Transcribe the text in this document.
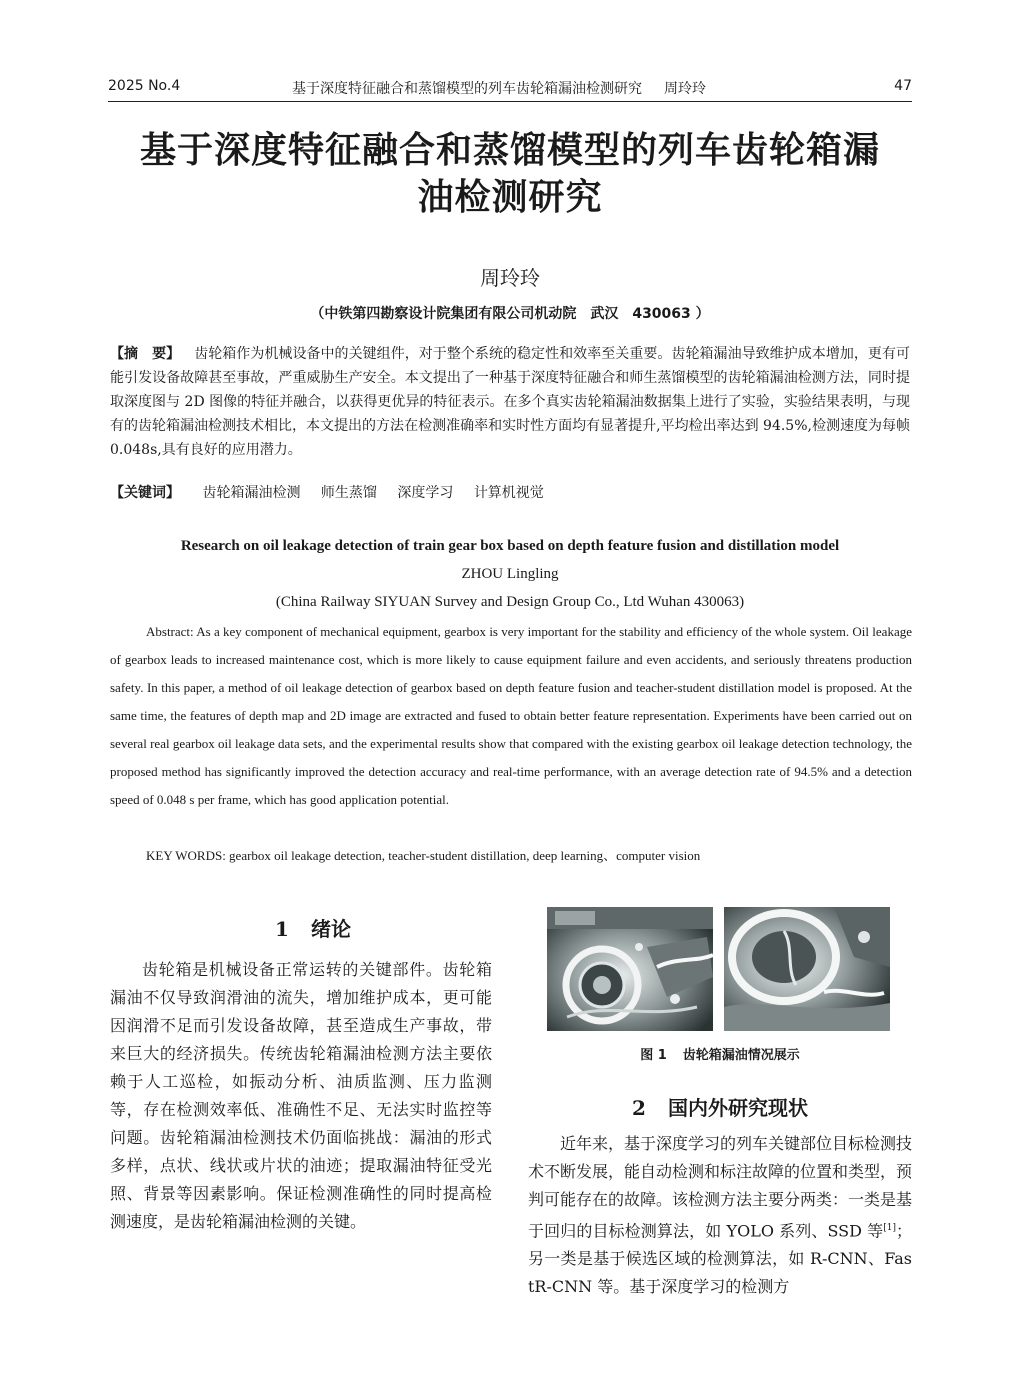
2025 No.4	基于深度特征融合和蒸馏模型的列车齿轮箱漏油检测研究 周玲玲	47
基于深度特征融合和蒸馏模型的列车齿轮箱漏
油检测研究
周玲玲
（中铁第四勘察设计院集团有限公司机动院　武汉　430063 ）
【摘　要】 齿轮箱作为机械设备中的关键组件，对于整个系统的稳定性和效率至关重要。齿轮箱漏油导致维护成本增加，更有可能引发设备故障甚至事故，严重威胁生产安全。本文提出了一种基于深度特征融合和师生蒸馏模型的齿轮箱漏油检测方法，同时提取深度图与 2D 图像的特征并融合，以获得更优异的特征表示。在多个真实齿轮箱漏油数据集上进行了实验，实验结果表明，与现有的齿轮箱漏油检测技术相比，本文提出的方法在检测准确率和实时性方面均有显著提升,平均检出率达到 94.5%,检测速度为每帧 0.048s,具有良好的应用潜力。
【关键词】 齿轮箱漏油检测 师生蒸馏 深度学习 计算机视觉
Research on oil leakage detection of train gear box based on depth feature fusion and distillation model
ZHOU Lingling
(China Railway SIYUAN Survey and Design Group Co., Ltd Wuhan 430063)
Abstract: As a key component of mechanical equipment, gearbox is very important for the stability and efficiency of the whole system. Oil leakage of gearbox leads to increased maintenance cost, which is more likely to cause equipment failure and even accidents, and seriously threatens production safety. In this paper, a method of oil leakage detection of gearbox based on depth feature fusion and teacher-student distillation model is proposed. At the same time, the features of depth map and 2D image are extracted and fused to obtain better feature representation. Experiments have been carried out on several real gearbox oil leakage data sets, and the experimental results show that compared with the existing gearbox oil leakage detection technology, the proposed method has significantly improved the detection accuracy and real-time performance, with an average detection rate of 94.5% and a detection speed of 0.048 s per frame, which has good application potential.
KEY WORDS: gearbox oil leakage detection, teacher-student distillation, deep learning、computer vision
1 绪论
齿轮箱是机械设备正常运转的关键部件。齿轮箱漏油不仅导致润滑油的流失，增加维护成本，更可能因润滑不足而引发设备故障，甚至造成生产事故，带来巨大的经济损失。传统齿轮箱漏油检测方法主要依赖于人工巡检，如振动分析、油质监测、压力监测等，存在检测效率低、准确性不足、无法实时监控等问题。齿轮箱漏油检测技术仍面临挑战：漏油的形式多样，点状、线状或片状的油迹；提取漏油特征受光照、背景等因素影响。保证检测准确性的同时提高检测速度，是齿轮箱漏油检测的关键。
图 1 齿轮箱漏油情况展示
2 国内外研究现状
近年来，基于深度学习的列车关键部位目标检测技术不断发展，能自动检测和标注故障的位置和类型，预判可能存在的故障。该检测方法主要分两类：一类是基于回归的目标检测算法，如 YOLO 系列、SSD 等[1]；另一类是基于候选区域的检测算法，如 R-CNN、FastR-CNN 等。基于深度学习的检测方
